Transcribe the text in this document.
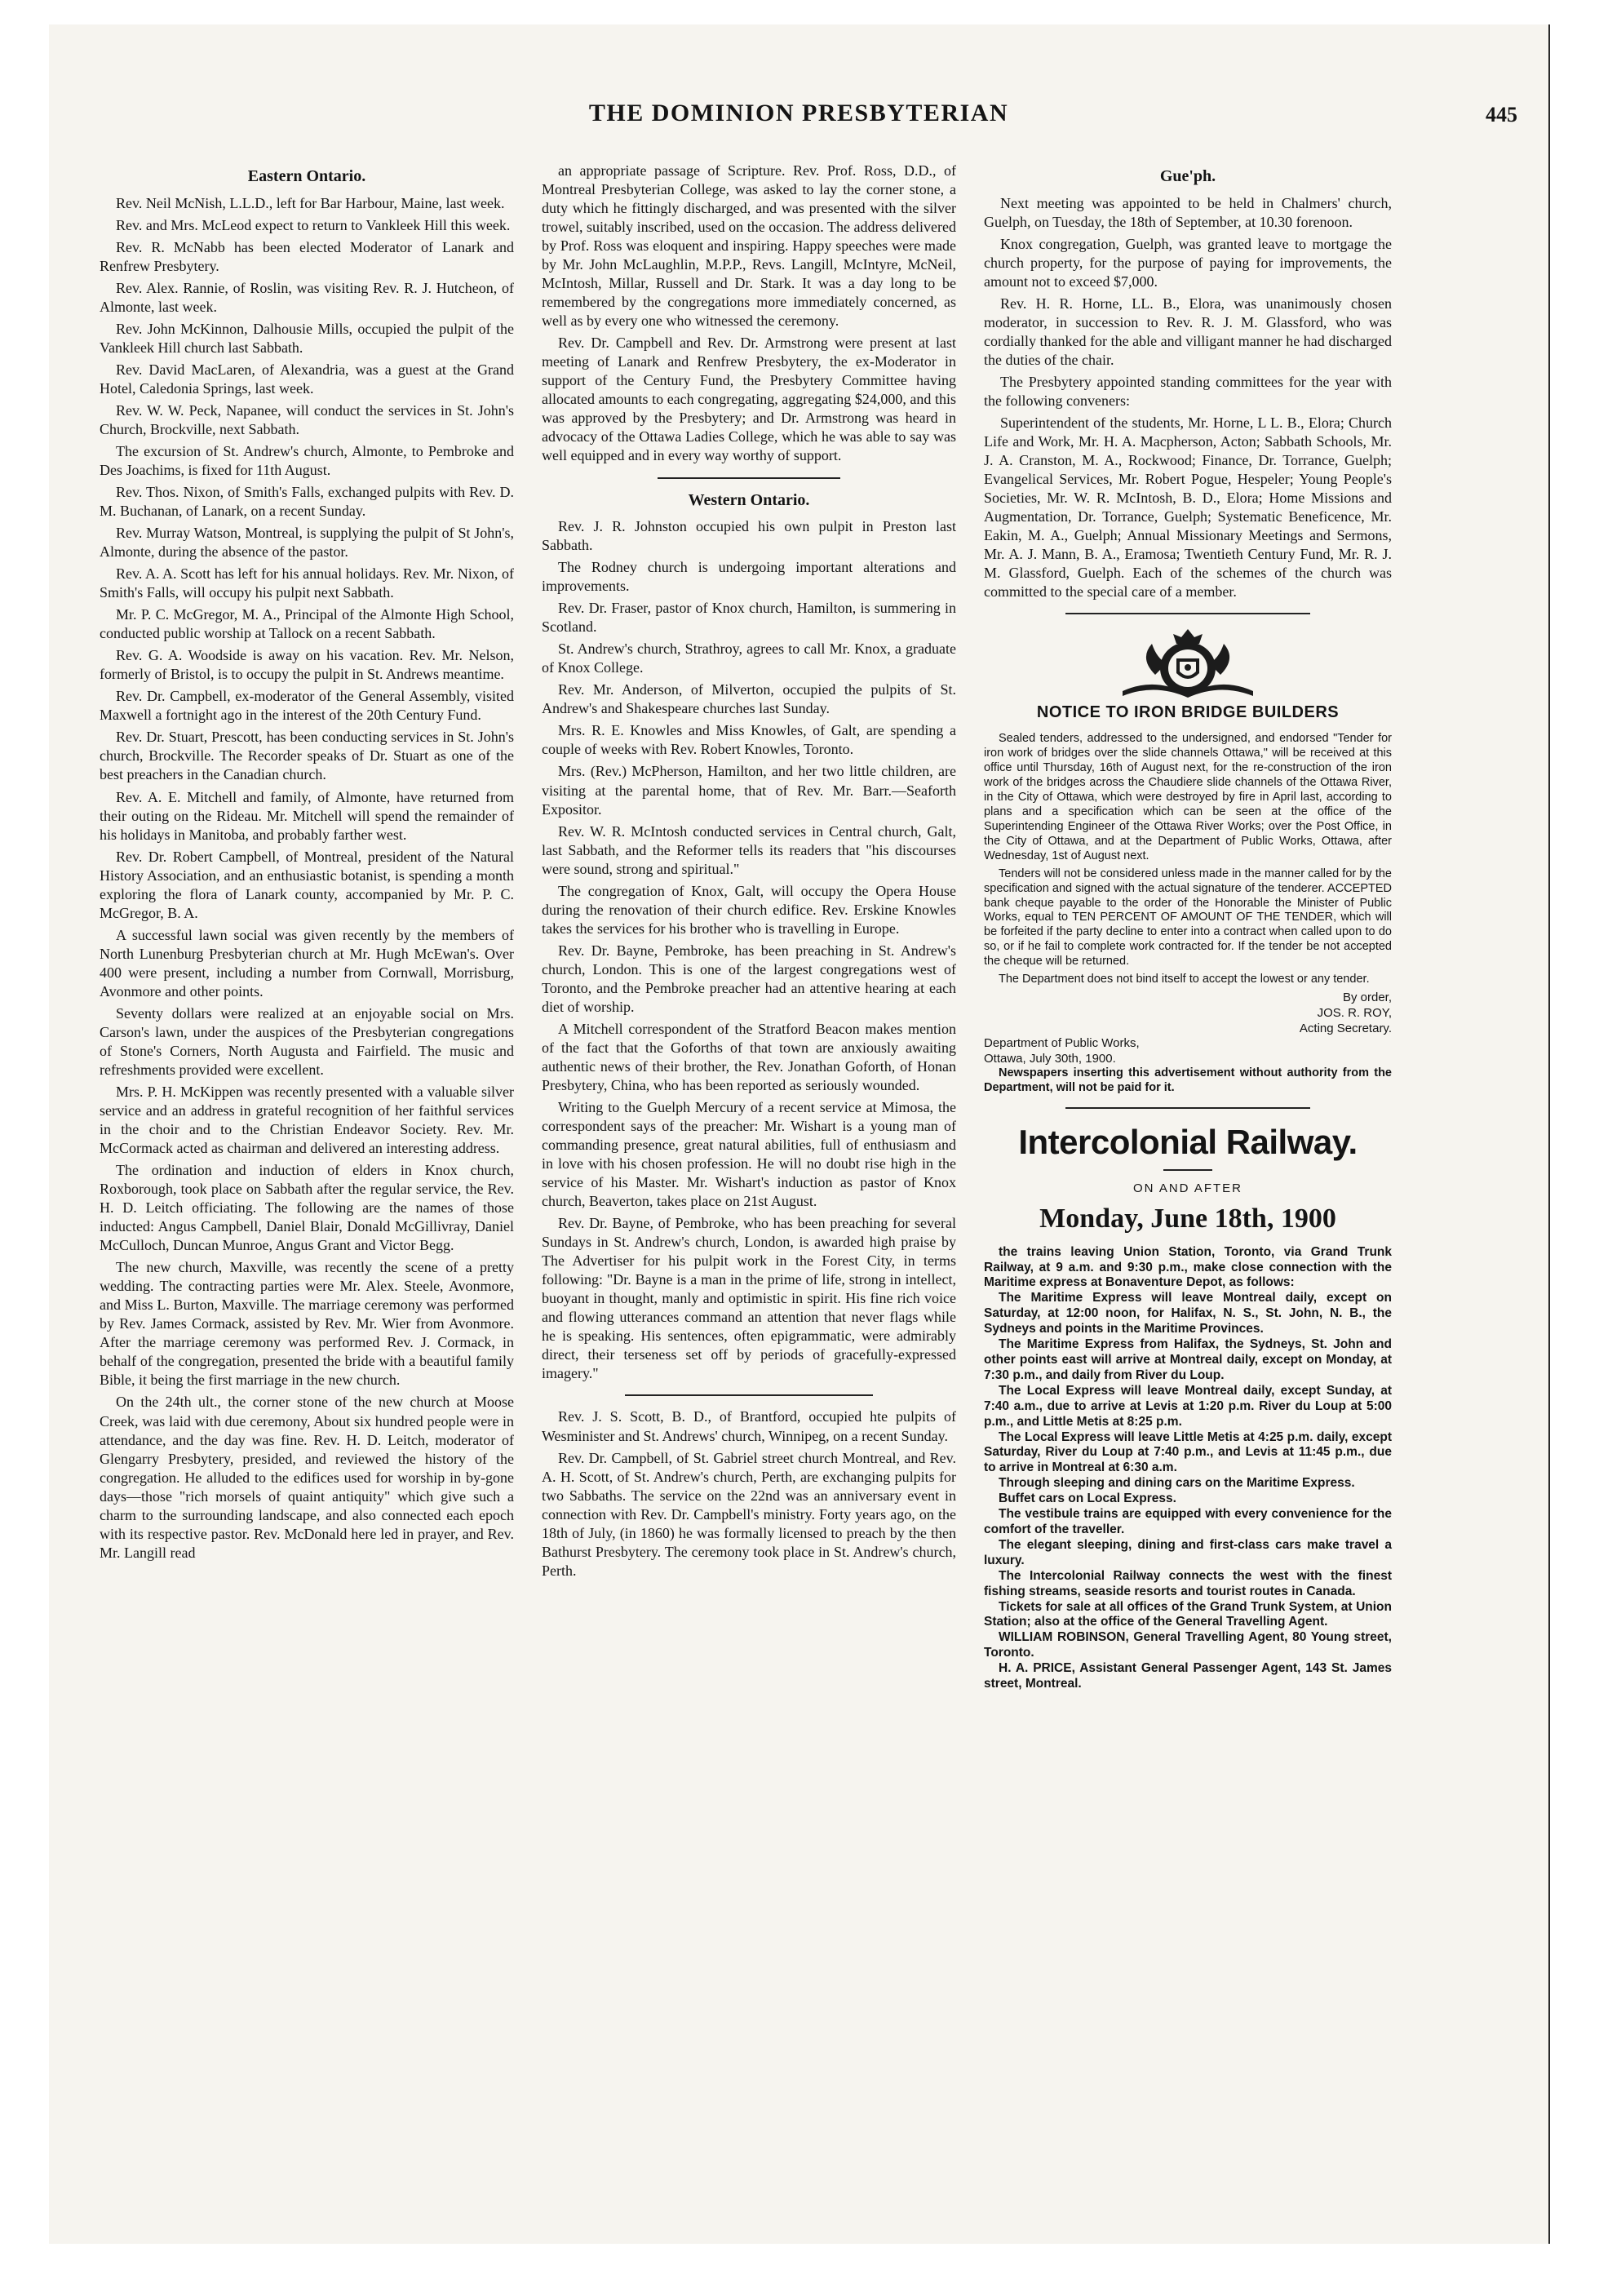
THE DOMINION PRESBYTERIAN	445
Eastern Ontario.

Rev. Neil McNish, L.L.D., left for Bar Harbour, Maine, last week.

Rev. and Mrs. McLeod expect to return to Vankleek Hill this week.

Rev. R. McNabb has been elected Moderator of Lanark and Renfrew Presbytery.

Rev. Alex. Rannie, of Roslin, was visiting Rev. R. J. Hutcheon, of Almonte, last week.

Rev. John McKinnon, Dalhousie Mills, occupied the pulpit of the Vankleek Hill church last Sabbath.

Rev. David MacLaren, of Alexandria, was a guest at the Grand Hotel, Caledonia Springs, last week.

Rev. W. W. Peck, Napanee, will conduct the services in St. John's Church, Brockville, next Sabbath.

The excursion of St. Andrew's church, Almonte, to Pembroke and Des Joachims, is fixed for 11th August.

Rev. Thos. Nixon, of Smith's Falls, exchanged pulpits with Rev. D. M. Buchanan, of Lanark, on a recent Sunday.

Rev. Murray Watson, Montreal, is supplying the pulpit of St John's, Almonte, during the absence of the pastor.

Rev. A. A. Scott has left for his annual holidays. Rev. Mr. Nixon, of Smith's Falls, will occupy his pulpit next Sabbath.

Mr. P. C. McGregor, M. A., Principal of the Almonte High School, conducted public worship at Tallock on a recent Sabbath.

Rev. G. A. Woodside is away on his vacation. Rev. Mr. Nelson, formerly of Bristol, is to occupy the pulpit in St. Andrews meantime.

Rev. Dr. Campbell, ex-moderator of the General Assembly, visited Maxwell a fortnight ago in the interest of the 20th Century Fund.

Rev. Dr. Stuart, Prescott, has been conducting services in St. John's church, Brockville. The Recorder speaks of Dr. Stuart as one of the best preachers in the Canadian church.

Rev. A. E. Mitchell and family, of Almonte, have returned from their outing on the Rideau. Mr. Mitchell will spend the remainder of his holidays in Manitoba, and probably farther west.

Rev. Dr. Robert Campbell, of Montreal, president of the Natural History Association, and an enthusiastic botanist, is spending a month exploring the flora of Lanark county, accompanied by Mr. P. C. McGregor, B. A.

A successful lawn social was given recently by the members of North Lunenburg Presbyterian church at Mr. Hugh McEwan's. Over 400 were present, including a number from Cornwall, Morrisburg, Avonmore and other points.

Seventy dollars were realized at an enjoyable social on Mrs. Carson's lawn, under the auspices of the Presbyterian congregations of Stone's Corners, North Augusta and Fairfield. The music and refreshments provided were excellent.

Mrs. P. H. McKippen was recently presented with a valuable silver service and an address in grateful recognition of her faithful services in the choir and to the Christian Endeavor Society. Rev. Mr. McCormack acted as chairman and delivered an interesting address.

The ordination and induction of elders in Knox church, Roxborough, took place on Sabbath after the regular service, the Rev. H. D. Leitch officiating. The following are the names of those inducted: Angus Campbell, Daniel Blair, Donald McGillivray, Daniel McCulloch, Duncan Munroe, Angus Grant and Victor Begg.

The new church, Maxville, was recently the scene of a pretty wedding. The contracting parties were Mr. Alex. Steele, Avonmore, and Miss L. Burton, Maxville. The marriage ceremony was performed by Rev. James Cormack, assisted by Rev. Mr. Wier from Avonmore. After the marriage ceremony was performed Rev. J. Cormack, in behalf of the congregation, presented the bride with a beautiful family Bible, it being the first marriage in the new church.

On the 24th ult., the corner stone of the new church at Moose Creek, was laid with due ceremony, About six hundred people were in attendance, and the day was fine. Rev. H. D. Leitch, moderator of Glengarry Presbytery, presided, and reviewed the history of the congregation. He alluded to the edifices used for worship in by-gone days—those "rich morsels of quaint antiquity" which give such a charm to the surrounding landscape, and also connected each epoch with its respective pastor. Rev. McDonald here led in prayer, and Rev. Mr. Langill read

an appropriate passage of Scripture. Rev. Prof. Ross, D.D., of Montreal Presbyterian College, was asked to lay the corner stone, a duty which he fittingly discharged, and was presented with the silver trowel, suitably inscribed, used on the occasion. The address delivered by Prof. Ross was eloquent and inspiring. Happy speeches were made by Mr. John McLaughlin, M.P.P., Revs. Langill, McIntyre, McNeil, McIntosh, Millar, Russell and Dr. Stark. It was a day long to be remembered by the congregations more immediately concerned, as well as by every one who witnessed the ceremony.

Rev. Dr. Campbell and Rev. Dr. Armstrong were present at last meeting of Lanark and Renfrew Presbytery, the ex-Moderator in support of the Century Fund, the Presbytery Committee having allocated amounts to each congregating, aggregating $24,000, and this was approved by the Presbytery; and Dr. Armstrong was heard in advocacy of the Ottawa Ladies College, which he was able to say was well equipped and in every way worthy of support.

Western Ontario.

Rev. J. R. Johnston occupied his own pulpit in Preston last Sabbath.

The Rodney church is undergoing important alterations and improvements.

Rev. Dr. Fraser, pastor of Knox church, Hamilton, is summering in Scotland.

St. Andrew's church, Strathroy, agrees to call Mr. Knox, a graduate of Knox College.

Rev. Mr. Anderson, of Milverton, occupied the pulpits of St. Andrew's and Shakespeare churches last Sunday.

Mrs. R. E. Knowles and Miss Knowles, of Galt, are spending a couple of weeks with Rev. Robert Knowles, Toronto.

Mrs. (Rev.) McPherson, Hamilton, and her two little children, are visiting at the parental home, that of Rev. Mr. Barr.—Seaforth Expositor.

Rev. W. R. McIntosh conducted services in Central church, Galt, last Sabbath, and the Reformer tells its readers that "his discourses were sound, strong and spiritual."

The congregation of Knox, Galt, will occupy the Opera House during the renovation of their church edifice. Rev. Erskine Knowles takes the services for his brother who is travelling in Europe.

Rev. Dr. Bayne, Pembroke, has been preaching in St. Andrew's church, London. This is one of the largest congregations west of Toronto, and the Pembroke preacher had an attentive hearing at each diet of worship.

A Mitchell correspondent of the Stratford Beacon makes mention of the fact that the Goforths of that town are anxiously awaiting authentic news of their brother, the Rev. Jonathan Goforth, of Honan Presbytery, China, who has been reported as seriously wounded.

Writing to the Guelph Mercury of a recent service at Mimosa, the correspondent says of the preacher: Mr. Wishart is a young man of commanding presence, great natural abilities, full of enthusiasm and in love with his chosen profession. He will no doubt rise high in the service of his Master. Mr. Wishart's induction as pastor of Knox church, Beaverton, takes place on 21st August.

Rev. Dr. Bayne, of Pembroke, who has been preaching for several Sundays in St. Andrew's church, London, is awarded high praise by The Advertiser for his pulpit work in the Forest City, in terms following: "Dr. Bayne is a man in the prime of life, strong in intellect, buoyant in thought, manly and optimistic in spirit. His fine rich voice and flowing utterances command an attention that never flags while he is speaking. His sentences, often epigrammatic, were admirably direct, their terseness set off by periods of gracefully-expressed imagery."

Rev. J. S. Scott, B. D., of Brantford, occupied hte pulpits of Wesminister and St. Andrews' church, Winnipeg, on a recent Sunday.

Rev. Dr. Campbell, of St. Gabriel street church Montreal, and Rev. A. H. Scott, of St. Andrew's church, Perth, are exchanging pulpits for two Sabbaths. The service on the 22nd was an anniversary event in connection with Rev. Dr. Campbell's ministry. Forty years ago, on the 18th of July, (in 1860) he was formally licensed to preach by the then Bathurst Presbytery. The ceremony took place in St. Andrew's church, Perth.

Gue'ph.

Next meeting was appointed to be held in Chalmers' church, Guelph, on Tuesday, the 18th of September, at 10.30 forenoon.

Knox congregation, Guelph, was granted leave to mortgage the church property, for the purpose of paying for improvements, the amount not to exceed $7,000.

Rev. H. R. Horne, LL. B., Elora, was unanimously chosen moderator, in succession to Rev. R. J. M. Glassford, who was cordially thanked for the able and villigant manner he had discharged the duties of the chair.

The Presbytery appointed standing committees for the year with the following conveners:

Superintendent of the students, Mr. Horne, L L. B., Elora; Church Life and Work, Mr. H. A. Macpherson, Acton; Sabbath Schools, Mr. J. A. Cranston, M. A., Rockwood; Finance, Dr. Torrance, Guelph; Evangelical Services, Mr. Robert Pogue, Hespeler; Young People's Societies, Mr. W. R. McIntosh, B. D., Elora; Home Missions and Augmentation, Dr. Torrance, Guelph; Systematic Beneficence, Mr. Eakin, M. A., Guelph; Annual Missionary Meetings and Sermons, Mr. A. J. Mann, B. A., Eramosa; Twentieth Century Fund, Mr. R. J. M. Glassford, Guelph. Each of the schemes of the church was committed to the special care of a member.

NOTICE TO IRON BRIDGE BUILDERS

Sealed tenders, addressed to the undersigned, and endorsed "Tender for iron work of bridges over the slide channels Ottawa," will be received at this office until Thursday, 16th of August next, for the re-construction of the iron work of the bridges across the Chaudiere slide channels of the Ottawa River, in the City of Ottawa, which were destroyed by fire in April last, according to plans and a specification which can be seen at the office of the Superintending Engineer of the Ottawa River Works; over the Post Office, in the City of Ottawa, and at the Department of Public Works, Ottawa, after Wednesday, 1st of August next.

Tenders will not be considered unless made in the manner called for by the specification and signed with the actual signature of the tenderer. ACCEPTED bank cheque payable to the order of the Honorable the Minister of Public Works, equal to TEN PERCENT OF AMOUNT OF THE TENDER, which will be forfeited if the party decline to enter into a contract when called upon to do so, or if he fail to complete work contracted for. If the tender be not accepted the cheque will be returned.

The Department does not bind itself to accept the lowest or any tender.

By order,

JOS. R. ROY,

Acting Secretary.

Department of Public Works,

Ottawa, July 30th, 1900.

Newspapers inserting this advertisement without authority from the Department, will not be paid for it.

Intercolonial Railway.
ON AND AFTER
Monday, June 18th, 1900

the trains leaving Union Station, Toronto, via Grand Trunk Railway, at 9 a.m. and 9:30 p.m., make close connection with the Maritime express at Bonaventure Depot, as follows:

The Maritime Express will leave Montreal daily, except on Saturday, at 12:00 noon, for Halifax, N. S., St. John, N. B., the Sydneys and points in the Maritime Provinces.

The Maritime Express from Halifax, the Sydneys, St. John and other points east will arrive at Montreal daily, except on Monday, at 7:30 p.m., and daily from River du Loup.

The Local Express will leave Montreal daily, except Sunday, at 7:40 a.m., due to arrive at Levis at 1:20 p.m. River du Loup at 5:00 p.m., and Little Metis at 8:25 p.m.

The Local Express will leave Little Metis at 4:25 p.m. daily, except Saturday, River du Loup at 7:40 p.m., and Levis at 11:45 p.m., due to arrive in Montreal at 6:30 a.m.

Through sleeping and dining cars on the Maritime Express.

Buffet cars on Local Express.

The vestibule trains are equipped with every convenience for the comfort of the traveller.

The elegant sleeping, dining and first-class cars make travel a luxury.

The Intercolonial Railway connects the west with the finest fishing streams, seaside resorts and tourist routes in Canada.

Tickets for sale at all offices of the Grand Trunk System, at Union Station; also at the office of the General Travelling Agent.

WILLIAM ROBINSON, General Travelling Agent, 80 Young street, Toronto.

H. A. PRICE, Assistant General Passenger Agent, 143 St. James street, Montreal.
